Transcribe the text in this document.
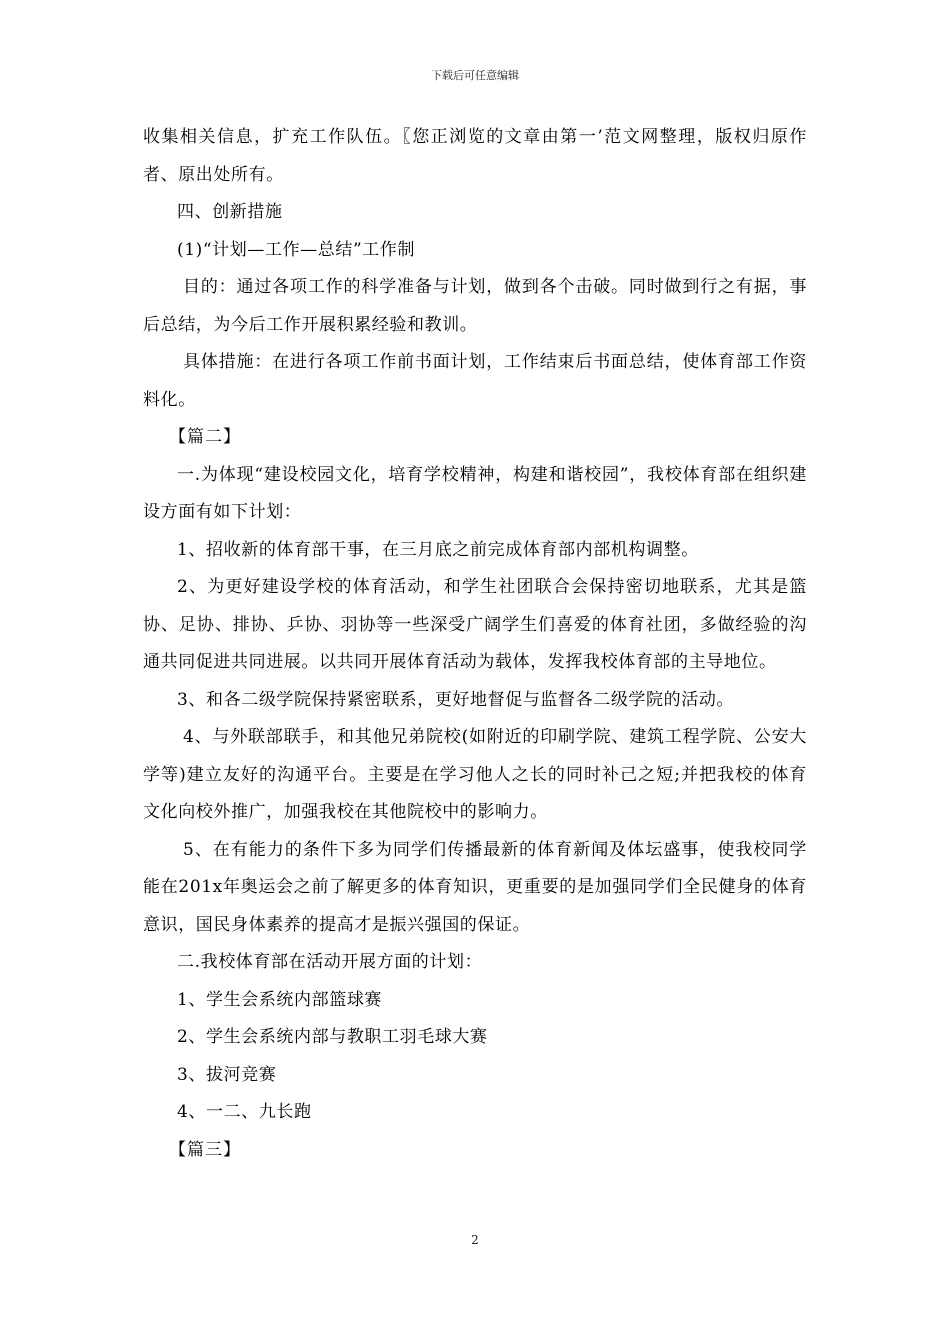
下载后可任意编辑

收集相关信息，扩充工作队伍。〖您正浏览的文章由第一’范文网整理，版权归原作者、原出处所有。

四、创新措施

(1)“计划—工作—总结”工作制

目的：通过各项工作的科学准备与计划，做到各个击破。同时做到行之有据，事后总结，为今后工作开展积累经验和教训。

具体措施：在进行各项工作前书面计划，工作结束后书面总结，使体育部工作资料化。

【篇二】

一.为体现“建设校园文化，培育学校精神，构建和谐校园”，我校体育部在组织建设方面有如下计划：

1、招收新的体育部干事，在三月底之前完成体育部内部机构调整。

2、为更好建设学校的体育活动，和学生社团联合会保持密切地联系，尤其是篮协、足协、排协、乒协、羽协等一些深受广阔学生们喜爱的体育社团，多做经验的沟通共同促进共同进展。以共同开展体育活动为载体，发挥我校体育部的主导地位。

3、和各二级学院保持紧密联系，更好地督促与监督各二级学院的活动。

4、与外联部联手，和其他兄弟院校(如附近的印刷学院、建筑工程学院、公安大学等)建立友好的沟通平台。主要是在学习他人之长的同时补己之短;并把我校的体育文化向校外推广，加强我校在其他院校中的影响力。

5、在有能力的条件下多为同学们传播最新的体育新闻及体坛盛事，使我校同学能在201x年奥运会之前了解更多的体育知识，更重要的是加强同学们全民健身的体育意识，国民身体素养的提高才是振兴强国的保证。

二.我校体育部在活动开展方面的计划：

1、学生会系统内部篮球赛

2、学生会系统内部与教职工羽毛球大赛

3、拔河竞赛

4、一二、九长跑

【篇三】

2
